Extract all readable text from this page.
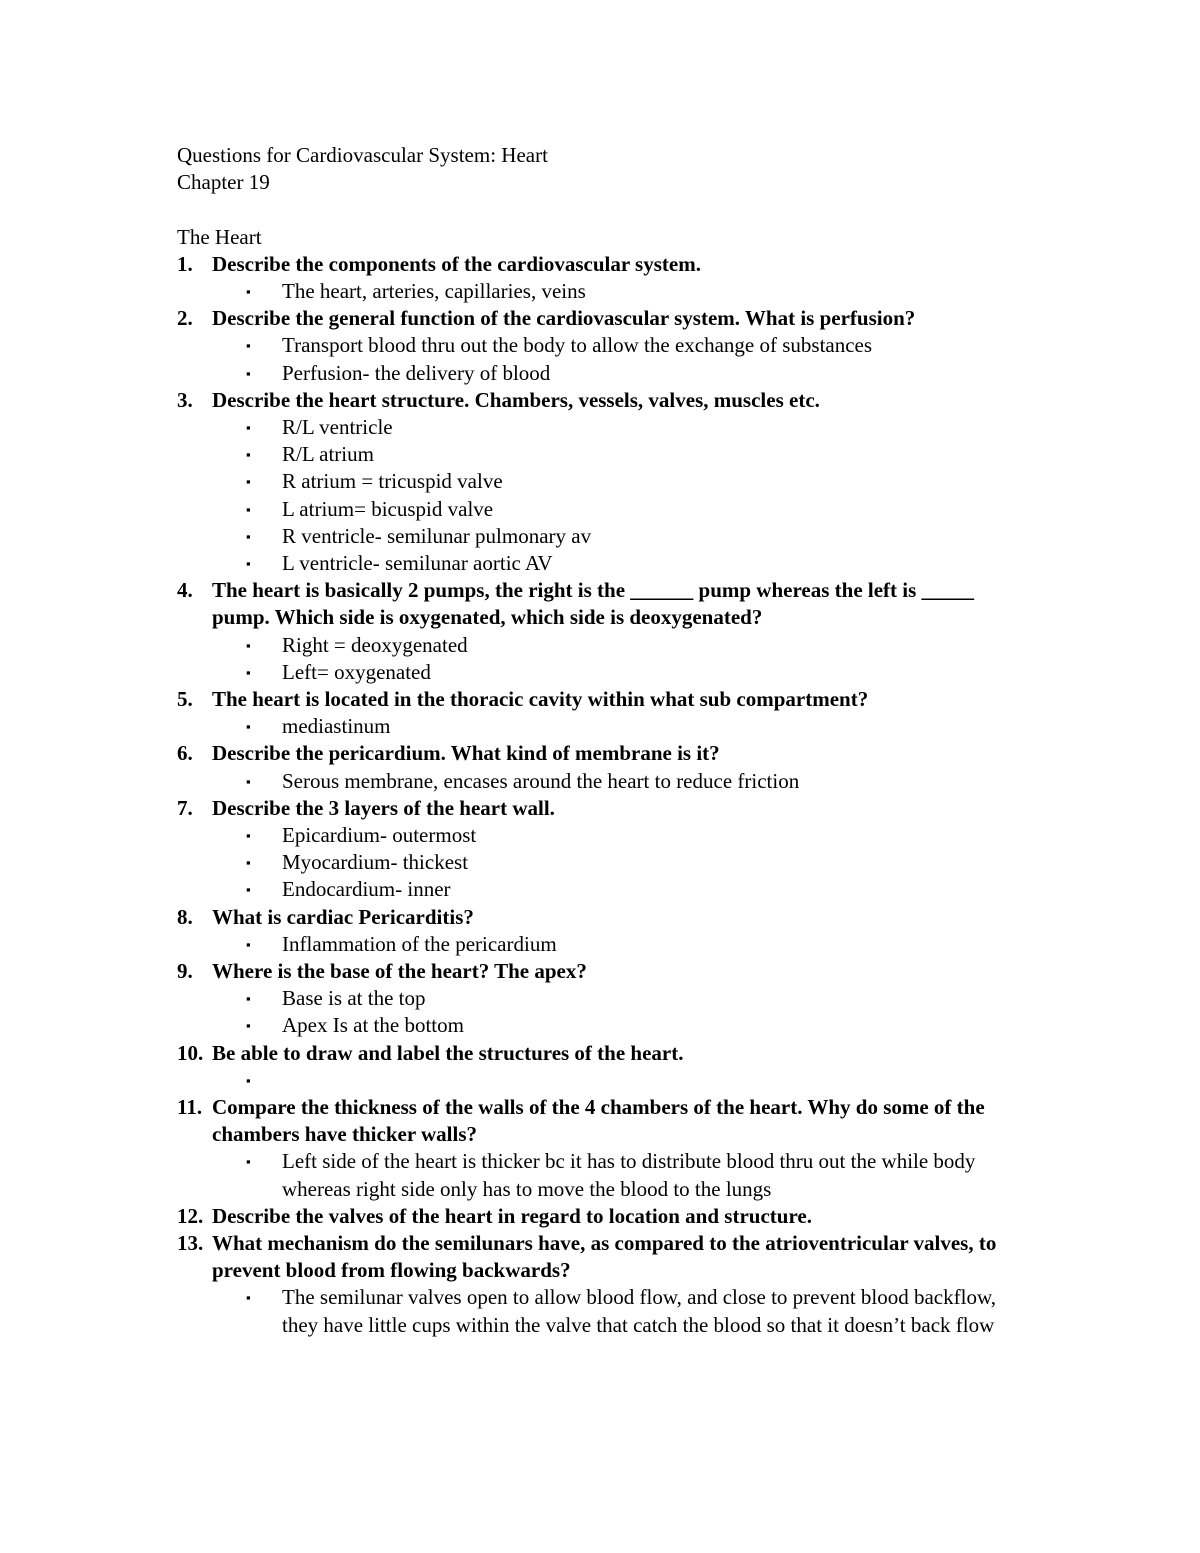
Questions for Cardiovascular System: Heart
Chapter 19
The Heart
1. Describe the components of the cardiovascular system.
▪ The heart, arteries, capillaries, veins
2. Describe the general function of the cardiovascular system. What is perfusion?
▪ Transport blood thru out the body to allow the exchange of substances
▪ Perfusion- the delivery of blood
3. Describe the heart structure. Chambers, vessels, valves, muscles etc.
▪ R/L ventricle
▪ R/L atrium
▪ R atrium = tricuspid valve
▪ L atrium= bicuspid valve
▪ R ventricle- semilunar pulmonary av
▪ L ventricle- semilunar aortic AV
4. The heart is basically 2 pumps, the right is the ______ pump whereas the left is _____ pump. Which side is oxygenated, which side is deoxygenated?
▪ Right = deoxygenated
▪ Left= oxygenated
5. The heart is located in the thoracic cavity within what sub compartment?
▪ mediastinum
6. Describe the pericardium. What kind of membrane is it?
▪ Serous membrane, encases around the heart to reduce friction
7. Describe the 3 layers of the heart wall.
▪ Epicardium- outermost
▪ Myocardium- thickest
▪ Endocardium- inner
8. What is cardiac Pericarditis?
▪ Inflammation of the pericardium
9. Where is the base of the heart? The apex?
▪ Base is at the top
▪ Apex Is at the bottom
10. Be able to draw and label the structures of the heart.
▪
11. Compare the thickness of the walls of the 4 chambers of the heart. Why do some of the chambers have thicker walls?
▪ Left side of the heart is thicker bc it has to distribute blood thru out the while body whereas right side only has to move the blood to the lungs
12. Describe the valves of the heart in regard to location and structure.
13. What mechanism do the semilunars have, as compared to the atrioventricular valves, to prevent blood from flowing backwards?
▪ The semilunar valves open to allow blood flow, and close to prevent blood backflow, they have little cups within the valve that catch the blood so that it doesn’t back flow
